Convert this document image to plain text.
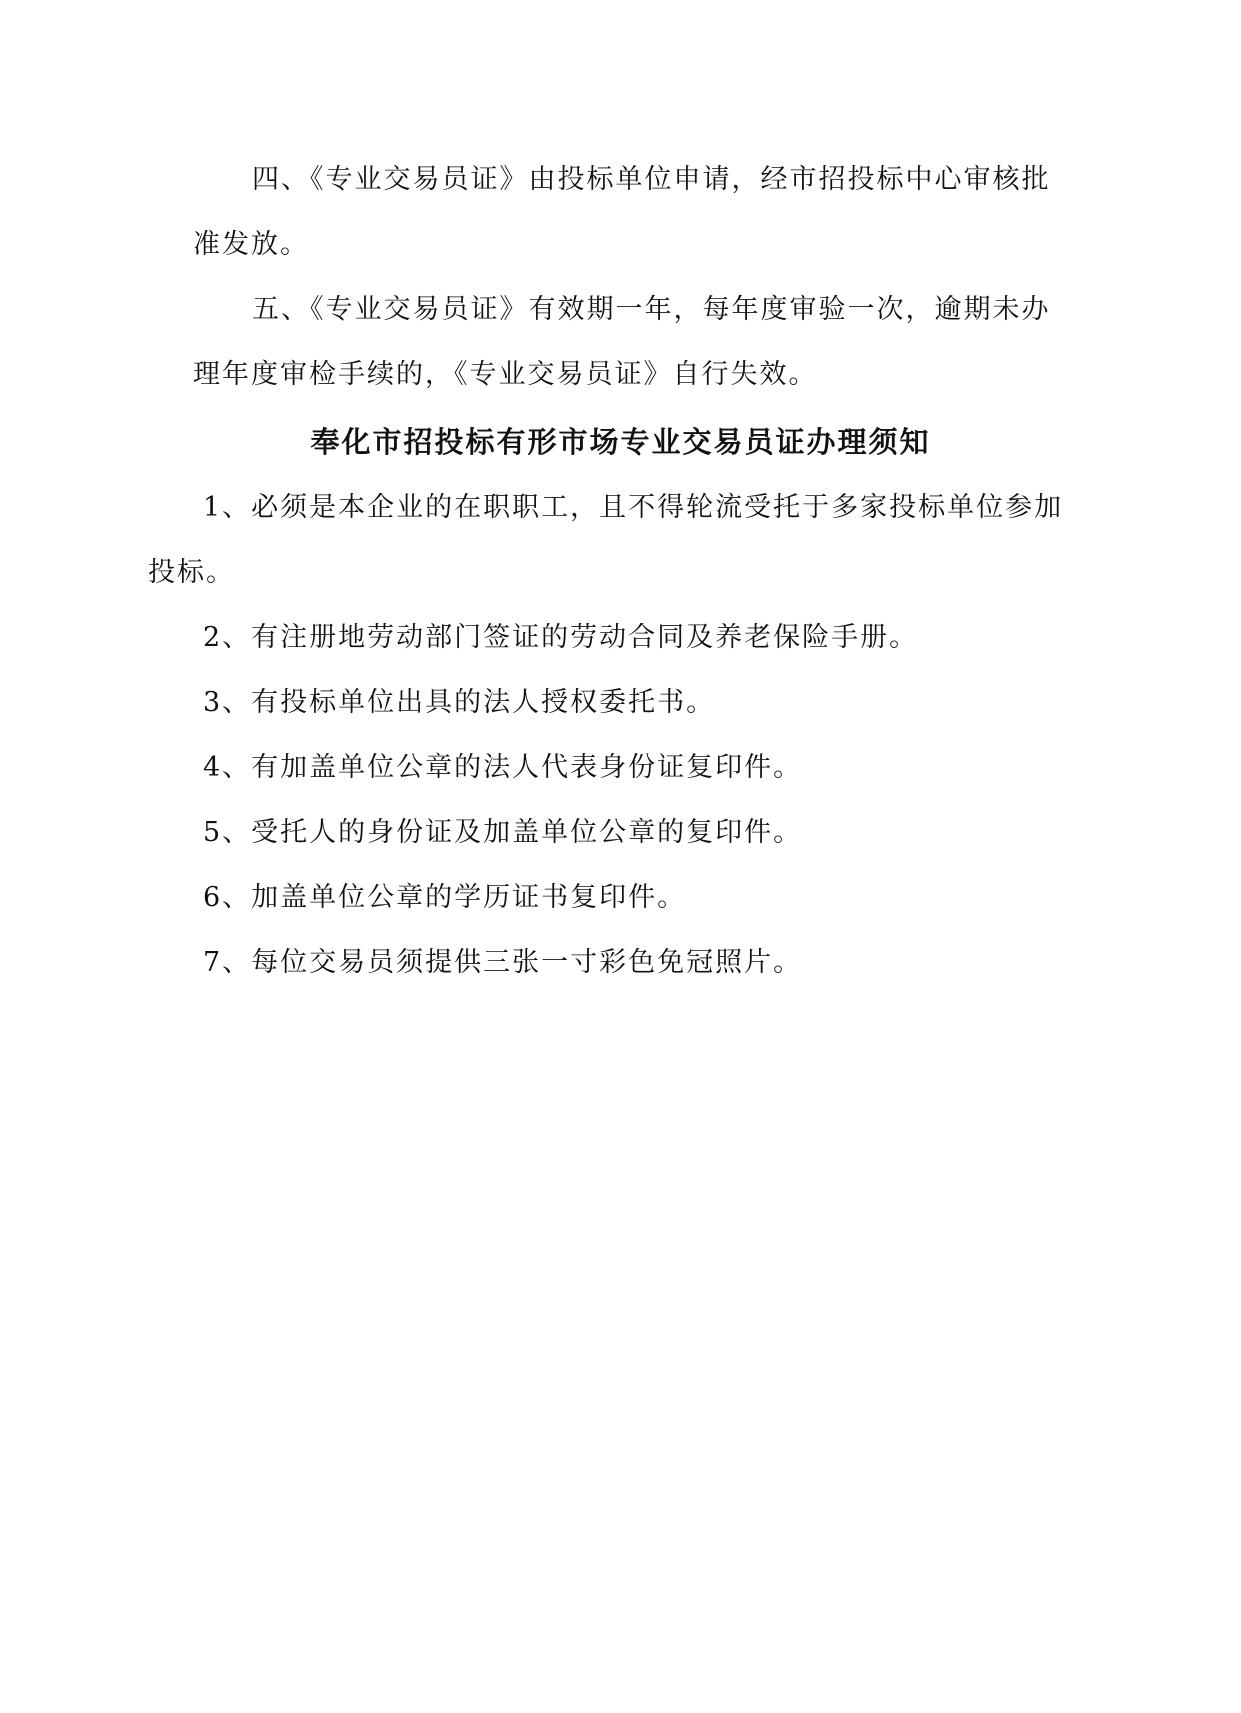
四、《专业交易员证》由投标单位申请，经市招投标中心审核批
准发放。
五、《专业交易员证》有效期一年，每年度审验一次，逾期未办
理年度审检手续的，《专业交易员证》自行失效。
奉化市招投标有形市场专业交易员证办理须知
1、必须是本企业的在职职工，且不得轮流受托于多家投标单位参加
投标。
2、有注册地劳动部门签证的劳动合同及养老保险手册。
3、有投标单位出具的法人授权委托书。
4、有加盖单位公章的法人代表身份证复印件。
5、受托人的身份证及加盖单位公章的复印件。
6、加盖单位公章的学历证书复印件。
7、每位交易员须提供三张一寸彩色免冠照片。
